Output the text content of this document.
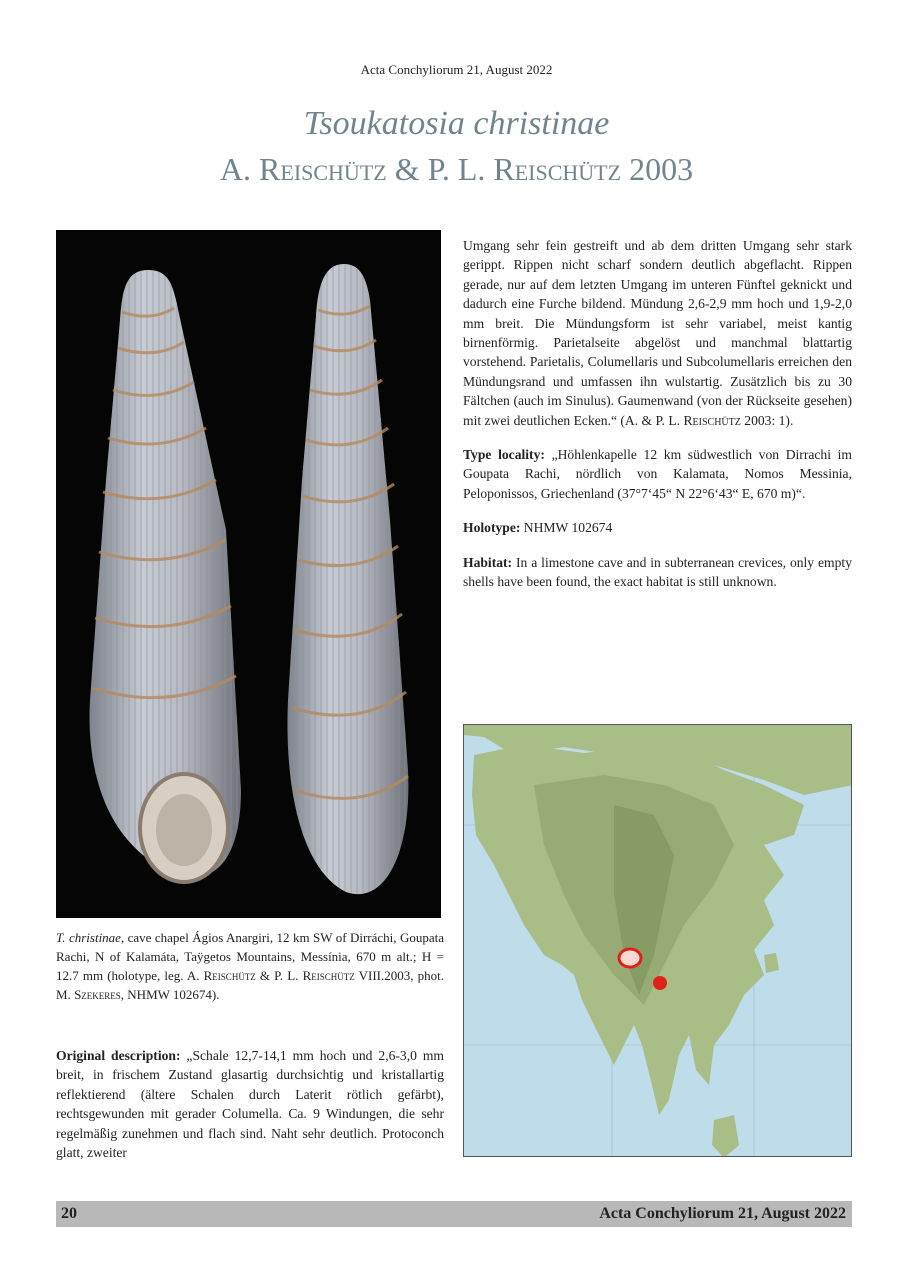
Acta Conchyliorum 21, August 2022
Tsoukatosia christinae
A. Reischütz & P. L. Reischütz 2003
T. christinae, cave chapel Ágios Anargiri, 12 km SW of Dirráchi, Goupata Rachi, N of Kalamáta, Taÿgetos Mountains, Messínia, 670 m alt.; H = 12.7 mm (holotype, leg. A. Reischütz & P. L. Reischütz VIII.2003, phot. M. Szekeres, NHMW 102674).
Original description: „Schale 12,7-14,1 mm hoch und 2,6-3,0 mm breit, in frischem Zustand glasartig durchsichtig und kristallartig reflektierend (ältere Schalen durch Laterit rötlich gefärbt), rechtsgewunden mit gerader Columella. Ca. 9 Windungen, die sehr regelmäßig zunehmen und flach sind. Naht sehr deutlich. Protoconch glatt, zweiter

Umgang sehr fein gestreift und ab dem dritten Umgang sehr stark gerippt. Rippen nicht scharf sondern deutlich abgeflacht. Rippen gerade, nur auf dem letzten Umgang im unteren Fünftel geknickt und dadurch eine Furche bildend. Mündung 2,6-2,9 mm hoch und 1,9-2,0 mm breit. Die Mündungsform ist sehr variabel, meist kantig birnenförmig. Parietalseite abgelöst und manchmal blattartig vorstehend. Parietalis, Columellaris und Subcolumellaris erreichen den Mündungsrand und umfassen ihn wulstartig. Zusätzlich bis zu 30 Fältchen (auch im Sinulus). Gaumenwand (von der Rückseite gesehen) mit zwei deutlichen Ecken.“ (A. & P. L. Reischütz 2003: 1).

Type locality: „Höhlenkapelle 12 km südwestlich von Dirrachi im Goupata Rachi, nördlich von Kalamata, Nomos Messinia, Peloponissos, Griechenland (37°7‘45“ N 22°6‘43“ E, 670 m)“.

Holotype: NHMW 102674

Habitat: In a limestone cave and in subterranean crevices, only empty shells have been found, the exact habitat is still unknown.

20	Acta Conchyliorum 21, August 2022
